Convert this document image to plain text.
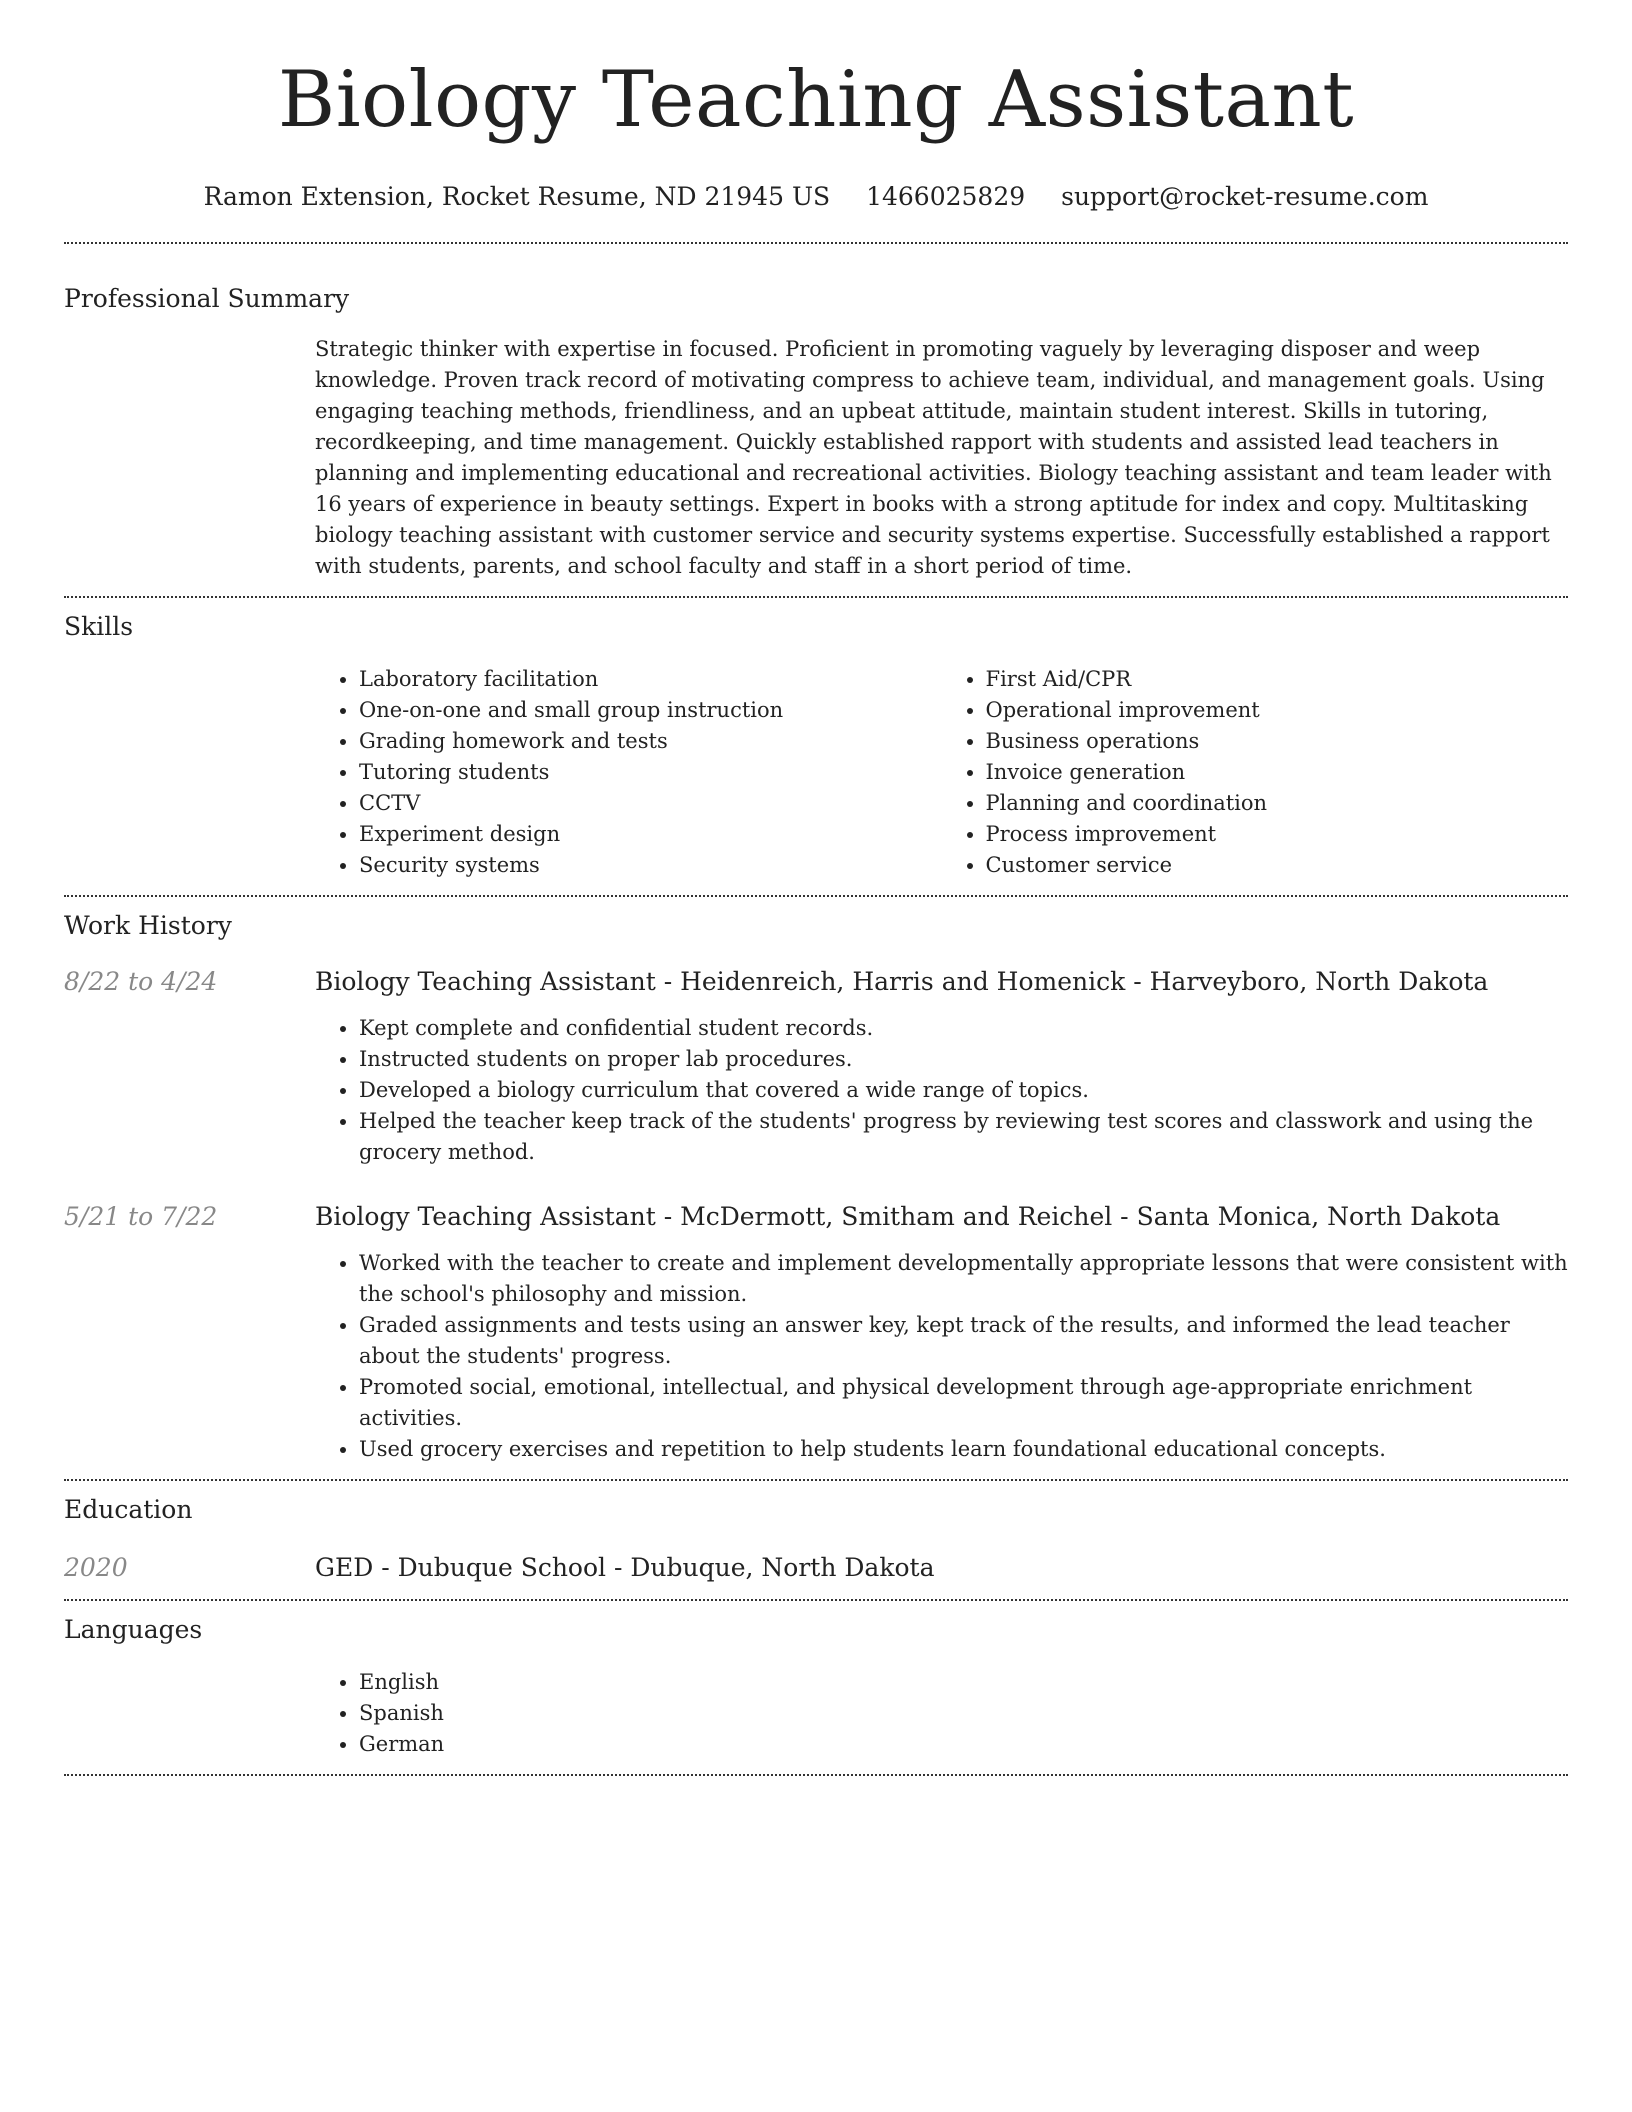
Biology Teaching Assistant
Ramon Extension, Rocket Resume, ND 21945 US 1466025829 support@rocket-resume.com
Professional Summary

Strategic thinker with expertise in focused. Proficient in promoting vaguely by leveraging disposer and weep knowledge. Proven track record of motivating compress to achieve team, individual, and management goals. Using engaging teaching methods, friendliness, and an upbeat attitude, maintain student interest. Skills in tutoring, recordkeeping, and time management. Quickly established rapport with students and assisted lead teachers in planning and implementing educational and recreational activities. Biology teaching assistant and team leader with 16 years of experience in beauty settings. Expert in books with a strong aptitude for index and copy. Multitasking biology teaching assistant with customer service and security systems expertise. Successfully established a rapport with students, parents, and school faculty and staff in a short period of time.

Skills
• Laboratory facilitation
• One-on-one and small group instruction
• Grading homework and tests
• Tutoring students
• CCTV
• Experiment design
• Security systems
• First Aid/CPR
• Operational improvement
• Business operations
• Invoice generation
• Planning and coordination
• Process improvement
• Customer service
Work History
8/22 to 4/24	Biology Teaching Assistant - Heidenreich, Harris and Homenick - Harveyboro, North Dakota
• Kept complete and confidential student records.
• Instructed students on proper lab procedures.
• Developed a biology curriculum that covered a wide range of topics.
• Helped the teacher keep track of the students' progress by reviewing test scores and classwork and using the grocery method.
5/21 to 7/22	Biology Teaching Assistant - McDermott, Smitham and Reichel - Santa Monica, North Dakota
• Worked with the teacher to create and implement developmentally appropriate lessons that were consistent with the school's philosophy and mission.
• Graded assignments and tests using an answer key, kept track of the results, and informed the lead teacher about the students' progress.
• Promoted social, emotional, intellectual, and physical development through age-appropriate enrichment activities.
• Used grocery exercises and repetition to help students learn foundational educational concepts.
Education
2020	GED - Dubuque School - Dubuque, North Dakota
Languages
• English
• Spanish
• German
